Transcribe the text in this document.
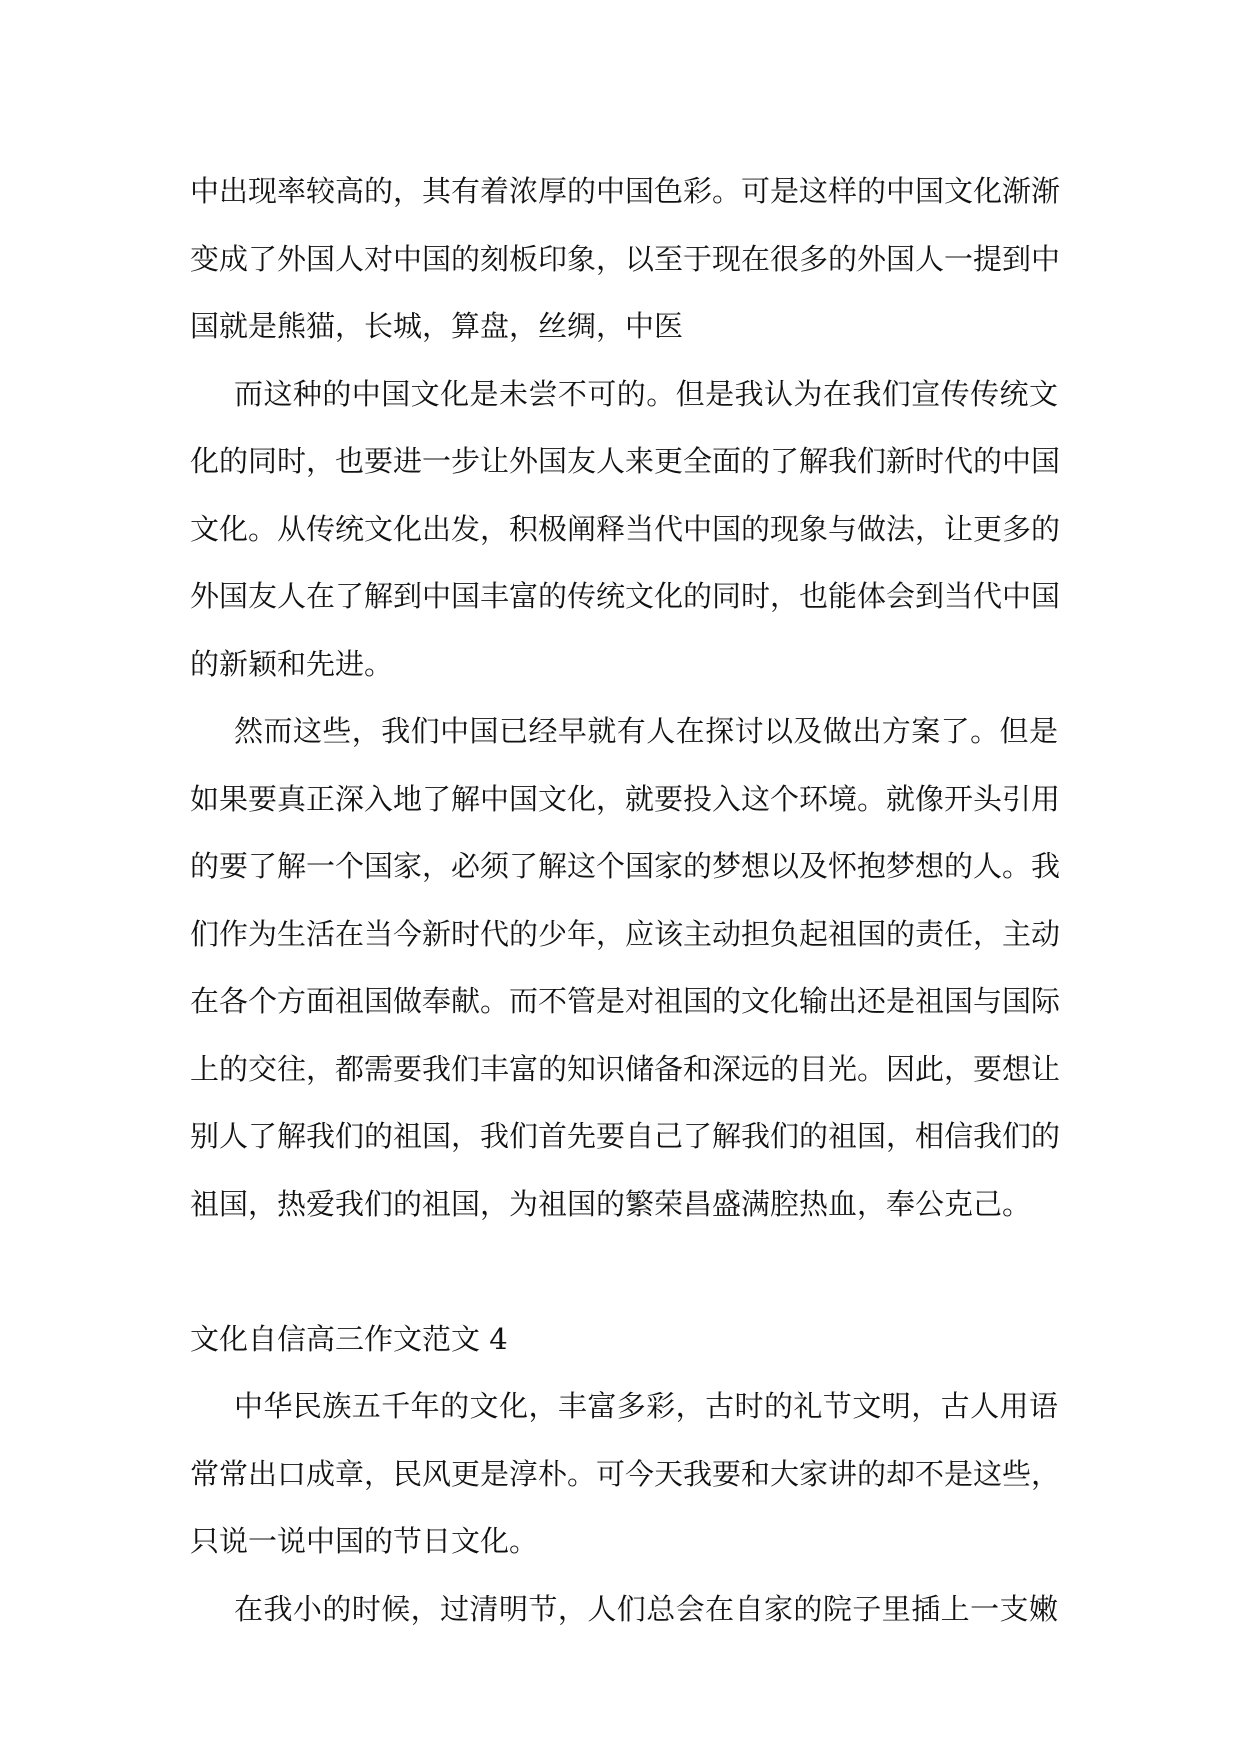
中出现率较高的，其有着浓厚的中国色彩。可是这样的中国文化渐渐
变成了外国人对中国的刻板印象，以至于现在很多的外国人一提到中
国就是熊猫，长城，算盘，丝绸，中医
而这种的中国文化是未尝不可的。但是我认为在我们宣传传统文
化的同时，也要进一步让外国友人来更全面的了解我们新时代的中国
文化。从传统文化出发，积极阐释当代中国的现象与做法，让更多的
外国友人在了解到中国丰富的传统文化的同时，也能体会到当代中国
的新颖和先进。
然而这些，我们中国已经早就有人在探讨以及做出方案了。但是
如果要真正深入地了解中国文化，就要投入这个环境。就像开头引用
的要了解一个国家，必须了解这个国家的梦想以及怀抱梦想的人。我
们作为生活在当今新时代的少年，应该主动担负起祖国的责任，主动
在各个方面祖国做奉献。而不管是对祖国的文化输出还是祖国与国际
上的交往，都需要我们丰富的知识储备和深远的目光。因此，要想让
别人了解我们的祖国，我们首先要自己了解我们的祖国，相信我们的
祖国，热爱我们的祖国，为祖国的繁荣昌盛满腔热血，奉公克己。
文化自信高三作文范文 4
中华民族五千年的文化，丰富多彩，古时的礼节文明，古人用语
常常出口成章，民风更是淳朴。可今天我要和大家讲的却不是这些，
只说一说中国的节日文化。
在我小的时候，过清明节，人们总会在自家的院子里插上一支嫩
